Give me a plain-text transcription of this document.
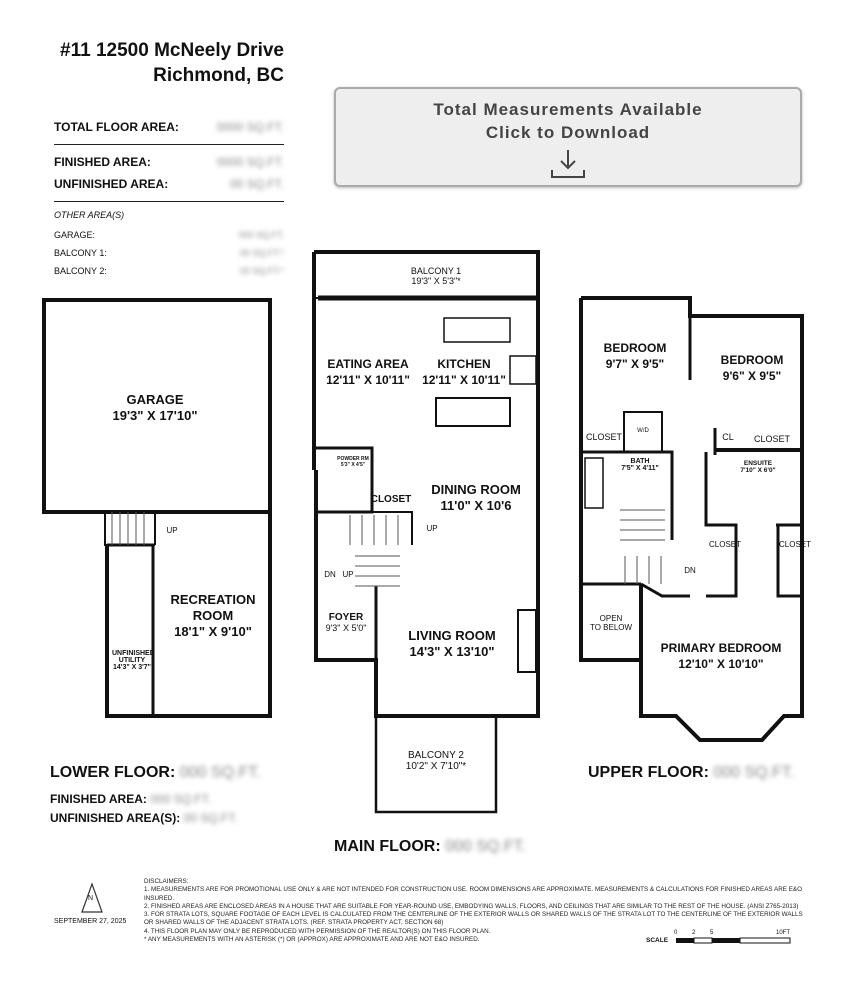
#11 12500 McNeely Drive
Richmond, BC
TOTAL FLOOR AREA:	0000 SQ.FT.
FINISHED AREA:	0000 SQ.FT.
UNFINISHED AREA:	00 SQ.FT.
OTHER AREA(S)
GARAGE:	000 SQ.FT.
BALCONY 1:	00 SQ.FT.*
BALCONY 2:	00 SQ.FT.*
Total Measurements Available
Click to Download
GARAGE
19'3" X 17'10"
UP
RECREATION
ROOM
18'1" X 9'10"
UNFINISHED UTILITY 14'3" X 3'7"
LOWER FLOOR: 000 SQ.FT.
FINISHED AREA: 000 SQ.FT.
UNFINISHED AREA(S): 00 SQ.FT.
BALCONY 1
19'3" X 5'3"*
EATING AREA
12'11" X 10'11"
KITCHEN
12'11" X 10'11"
POWDER RM 5'3" X 4'5"
CLOSET
DINING ROOM
11'0" X 10'6
UP
DN UP
FOYER
9'3" X 5'0"	LIVING ROOM
14'3" X 13'10"
BALCONY 2
10'2" X 7'10"*
MAIN FLOOR: 000 SQ.FT.
BEDROOM
9'7" X 9'5"	BEDROOM
9'6" X 9'5"
CLOSET
W/D
CL	CLOSET
BATH
7'5" X 4'11"
ENSUITE
7'10" X 6'0"
CLOSET	CLOSET
DN
OPEN
TO BELOW
PRIMARY BEDROOM
12'10" X 10'10"
UPPER FLOOR: 000 SQ.FT.
N
SEPTEMBER 27, 2025
DISCLAIMERS:
1. MEASUREMENTS ARE FOR PROMOTIONAL USE ONLY & ARE NOT INTENDED FOR CONSTRUCTION USE. ROOM DIMENSIONS ARE APPROXIMATE. MEASUREMENTS & CALCULATIONS FOR FINISHED AREAS ARE E&O INSURED.
2. FINISHED AREAS ARE ENCLOSED AREAS IN A HOUSE THAT ARE SUITABLE FOR YEAR-ROUND USE, EMBODYING WALLS, FLOORS, AND CEILINGS THAT ARE SIMILAR TO THE REST OF THE HOUSE. (ANSI Z765-2013)
3. FOR STRATA LOTS, SQUARE FOOTAGE OF EACH LEVEL IS CALCULATED FROM THE CENTERLINE OF THE EXTERIOR WALLS OR SHARED WALLS OF THE STRATA LOT TO THE CENTERLINE OF THE EXTERIOR WALLS OR SHARED WALLS OF THE ADJACENT STRATA LOTS. (REF. STRATA PROPERTY ACT, SECTION 68)
4. THIS FLOOR PLAN MAY ONLY BE REPRODUCED WITH PERMISSION OF THE REALTOR(S) ON THIS FLOOR PLAN.
* ANY MEASUREMENTS WITH AN ASTERISK (*) OR (APPROX) ARE APPROXIMATE AND ARE NOT E&O INSURED.	SCALE
0 2 5	10FT
